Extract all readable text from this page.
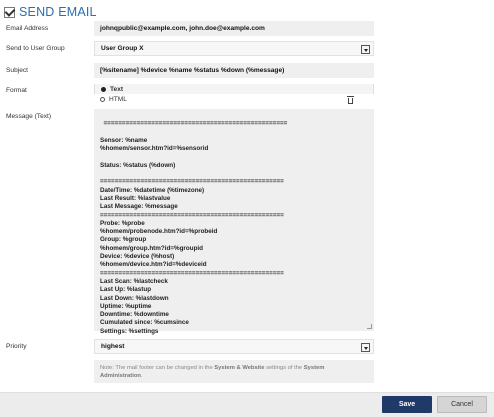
SEND EMAIL
Email Address	johnqpublic@example.com, john.doe@example.com
Send to User Group	User Group X
Subject	[%sitename] %device %name %status %down (%message)
Format	Text
HTML
Message (Text)

==================================================

Sensor: %name
%homem/sensor.htm?id=%sensorid

Status: %status (%down)

==================================================
Date/Time: %datetime (%timezone)
Last Result: %lastvalue
Last Message: %message
==================================================
Probe: %probe
%homem/probenode.htm?id=%probeid
Group: %group
%homem/group.htm?id=%groupid
Device: %device (%host)
%homem/device.htm?id=%deviceid
==================================================
Last Scan: %lastcheck
Last Up: %lastup
Last Down: %lastdown
Uptime: %uptime
Downtime: %downtime
Cumulated since: %cumsince
Settings: %settings

Priority	highest
Note: The mail footer can be changed in the System & Website settings of the System Administration.
Save	Cancel
